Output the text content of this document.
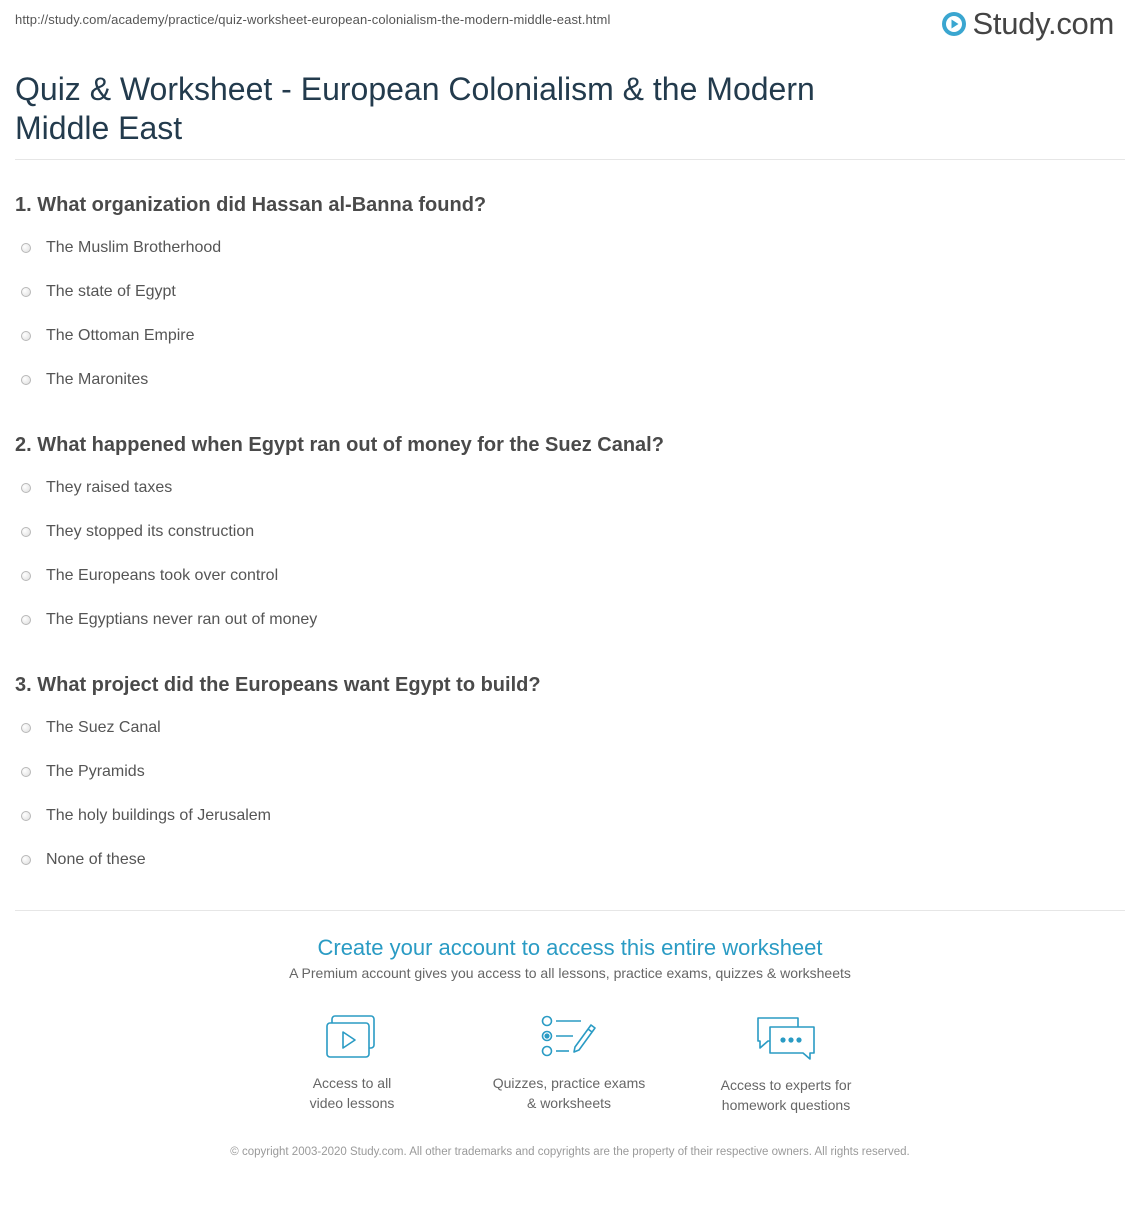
http://study.com/academy/practice/quiz-worksheet-european-colonialism-the-modern-middle-east.html	Study.com
Quiz & Worksheet - European Colonialism & the Modern Middle East
1. What organization did Hassan al-Banna found?
The Muslim Brotherhood
The state of Egypt
The Ottoman Empire
The Maronites
2. What happened when Egypt ran out of money for the Suez Canal?
They raised taxes
They stopped its construction
The Europeans took over control
The Egyptians never ran out of money
3. What project did the Europeans want Egypt to build?
The Suez Canal
The Pyramids
The holy buildings of Jerusalem
None of these
Create your account to access this entire worksheet
A Premium account gives you access to all lessons, practice exams, quizzes & worksheets
Access to all
video lessons
Quizzes, practice exams
& worksheets
Access to experts for
homework questions
© copyright 2003-2020 Study.com. All other trademarks and copyrights are the property of their respective owners. All rights reserved.
